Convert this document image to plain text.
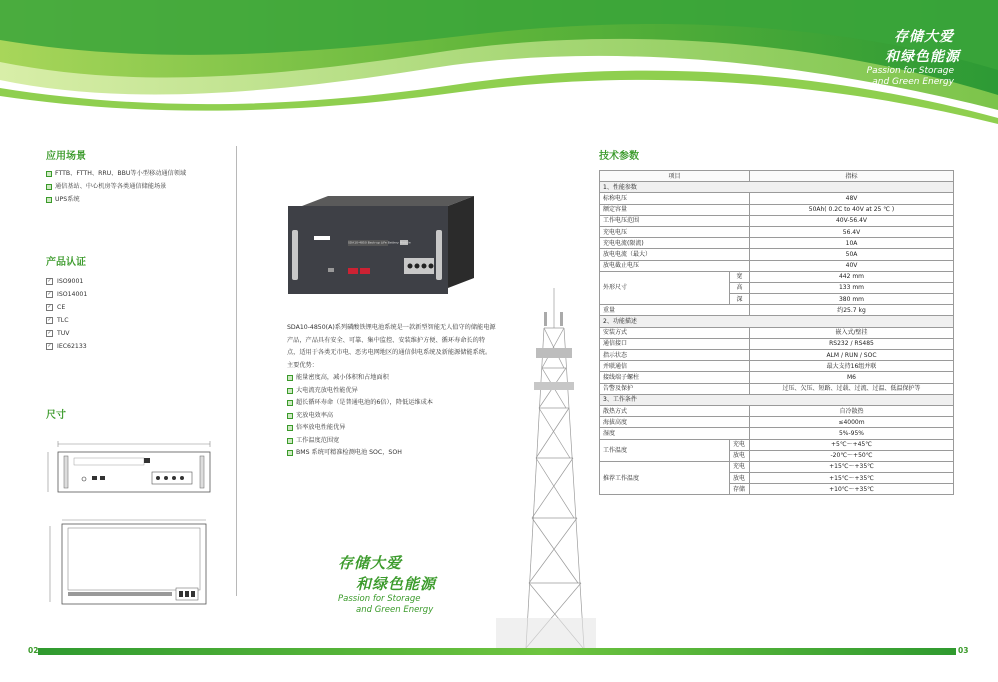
存储大爱
和绿色能源
Passion for Storage
and Green Energy
应用场景
FTTB、FTTH、RRU、BBU等小型移动通信领域
通信基站、中心机房等各类通信储能场景
UPS系统
产品认证
✓ ISO9001
✓ ISO14001
✓ CE
✓ TLC
✓ TUV
✓ IEC62133
尺寸
SDA10-4850 Back-up LiFe Battery Module
SDA10-4850(A)系列磷酸铁锂电池系统是一款新型智能无人值守的储能电源产品，产品具有安全、可靠、集中监控、安装维护方便、循环寿命长的特点，适用于各类无市电、恶劣电网地区的通信供电系统及新能源储能系统。
主要优势：
能量密度高，减小体积和占地面积
大电流充放电性能优异
超长循环寿命（是普通电池的6倍），降低运维成本
充放电效率高
倍率放电性能优异
工作温度范围宽
BMS 系统可精准检测电池 SOC，SOH
存储大爱
和绿色能源
Passion for Storage
and Green Energy
技术参数
项目		指标
1、性能参数		
标称电压		48V
额定容量		50Ah( 0.2C to 40V at 25 ℃ )
工作电压范围		40V-56.4V
充电电压		56.4V
充电电流(限流)		10A
放电电流（最大）		50A
放电截止电压		40V
外形尺寸	宽	442 mm
	高	133 mm
	深	380 mm
重量		约25.7 kg
2、功能描述		
安装方式		嵌入式/壁挂
通信接口		RS232 / RS485
指示状态		ALM / RUN / SOC
并联通信		最大支持16组并联
接线端子螺柱		M6
告警及保护		过压、欠压、短路、过载、过流、过温、低温保护等
3、工作条件		
散热方式		自冷散热
海拔高度		≤4000m
湿度		5%-95%
工作温度	充电	+5℃～+45℃
	放电	-20℃～+50℃
推荐工作温度	充电	+15℃～+35℃
	放电	+15℃～+35℃
	存储	+10℃～+35℃
02	03
